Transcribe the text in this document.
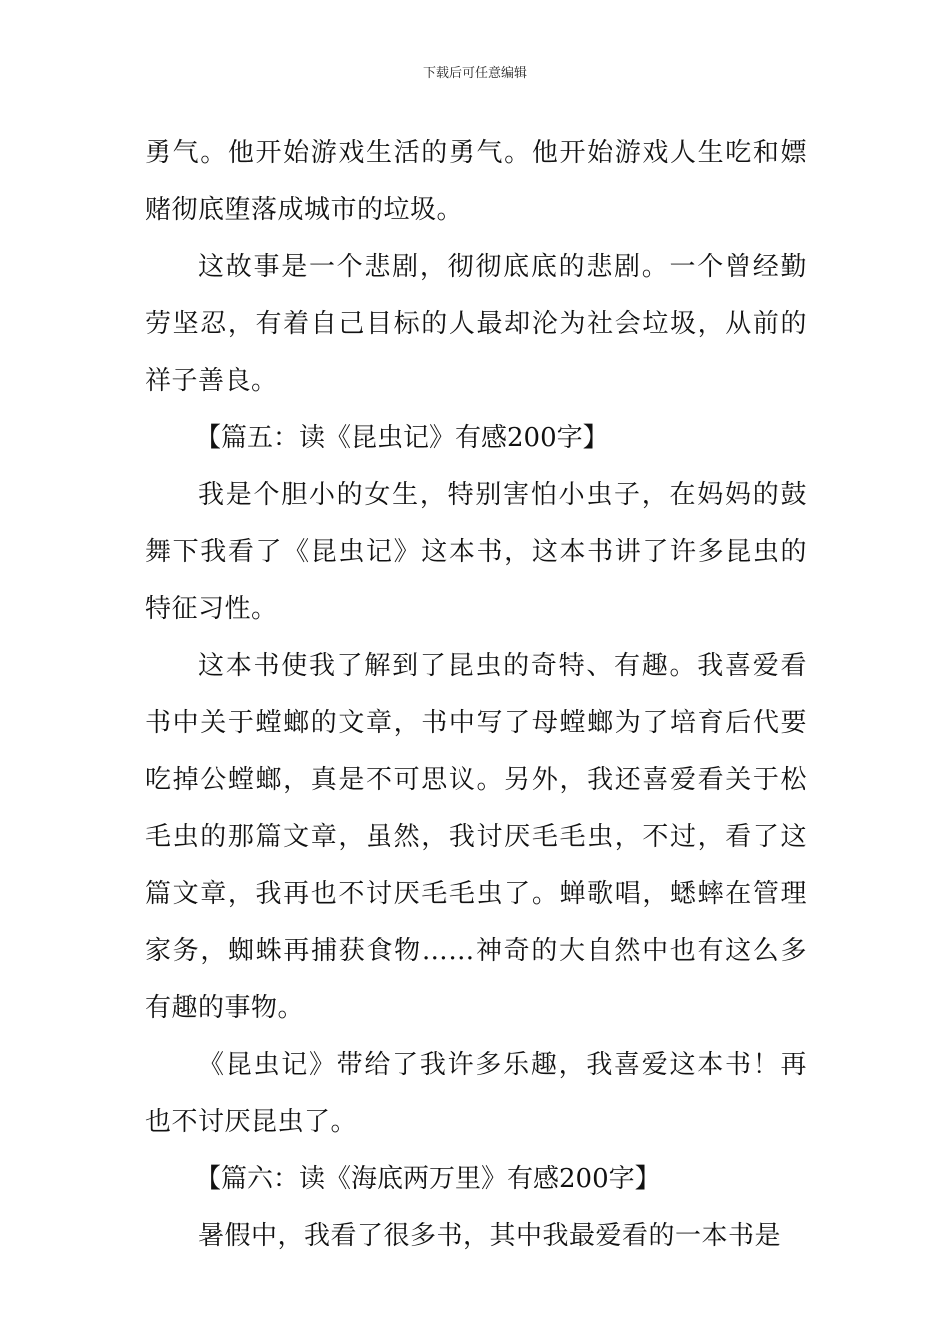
下载后可任意编辑

勇气。他开始游戏生活的勇气。他开始游戏人生吃和嫖赌彻底堕落成城市的垃圾。

这故事是一个悲剧，彻彻底底的悲剧。一个曾经勤劳坚忍，有着自己目标的人最却沦为社会垃圾，从前的祥子善良。

【篇五：读《昆虫记》有感200字】

我是个胆小的女生，特别害怕小虫子，在妈妈的鼓舞下我看了《昆虫记》这本书，这本书讲了许多昆虫的特征习性。

这本书使我了解到了昆虫的奇特、有趣。我喜爱看书中关于螳螂的文章，书中写了母螳螂为了培育后代要吃掉公螳螂，真是不可思议。另外，我还喜爱看关于松毛虫的那篇文章，虽然，我讨厌毛毛虫，不过，看了这篇文章，我再也不讨厌毛毛虫了。蝉歌唱，蟋蟀在管理家务，蜘蛛再捕获食物……神奇的大自然中也有这么多有趣的事物。

《昆虫记》带给了我许多乐趣，我喜爱这本书！再也不讨厌昆虫了。

【篇六：读《海底两万里》有感200字】

暑假中，我看了很多书，其中我最爱看的一本书是
